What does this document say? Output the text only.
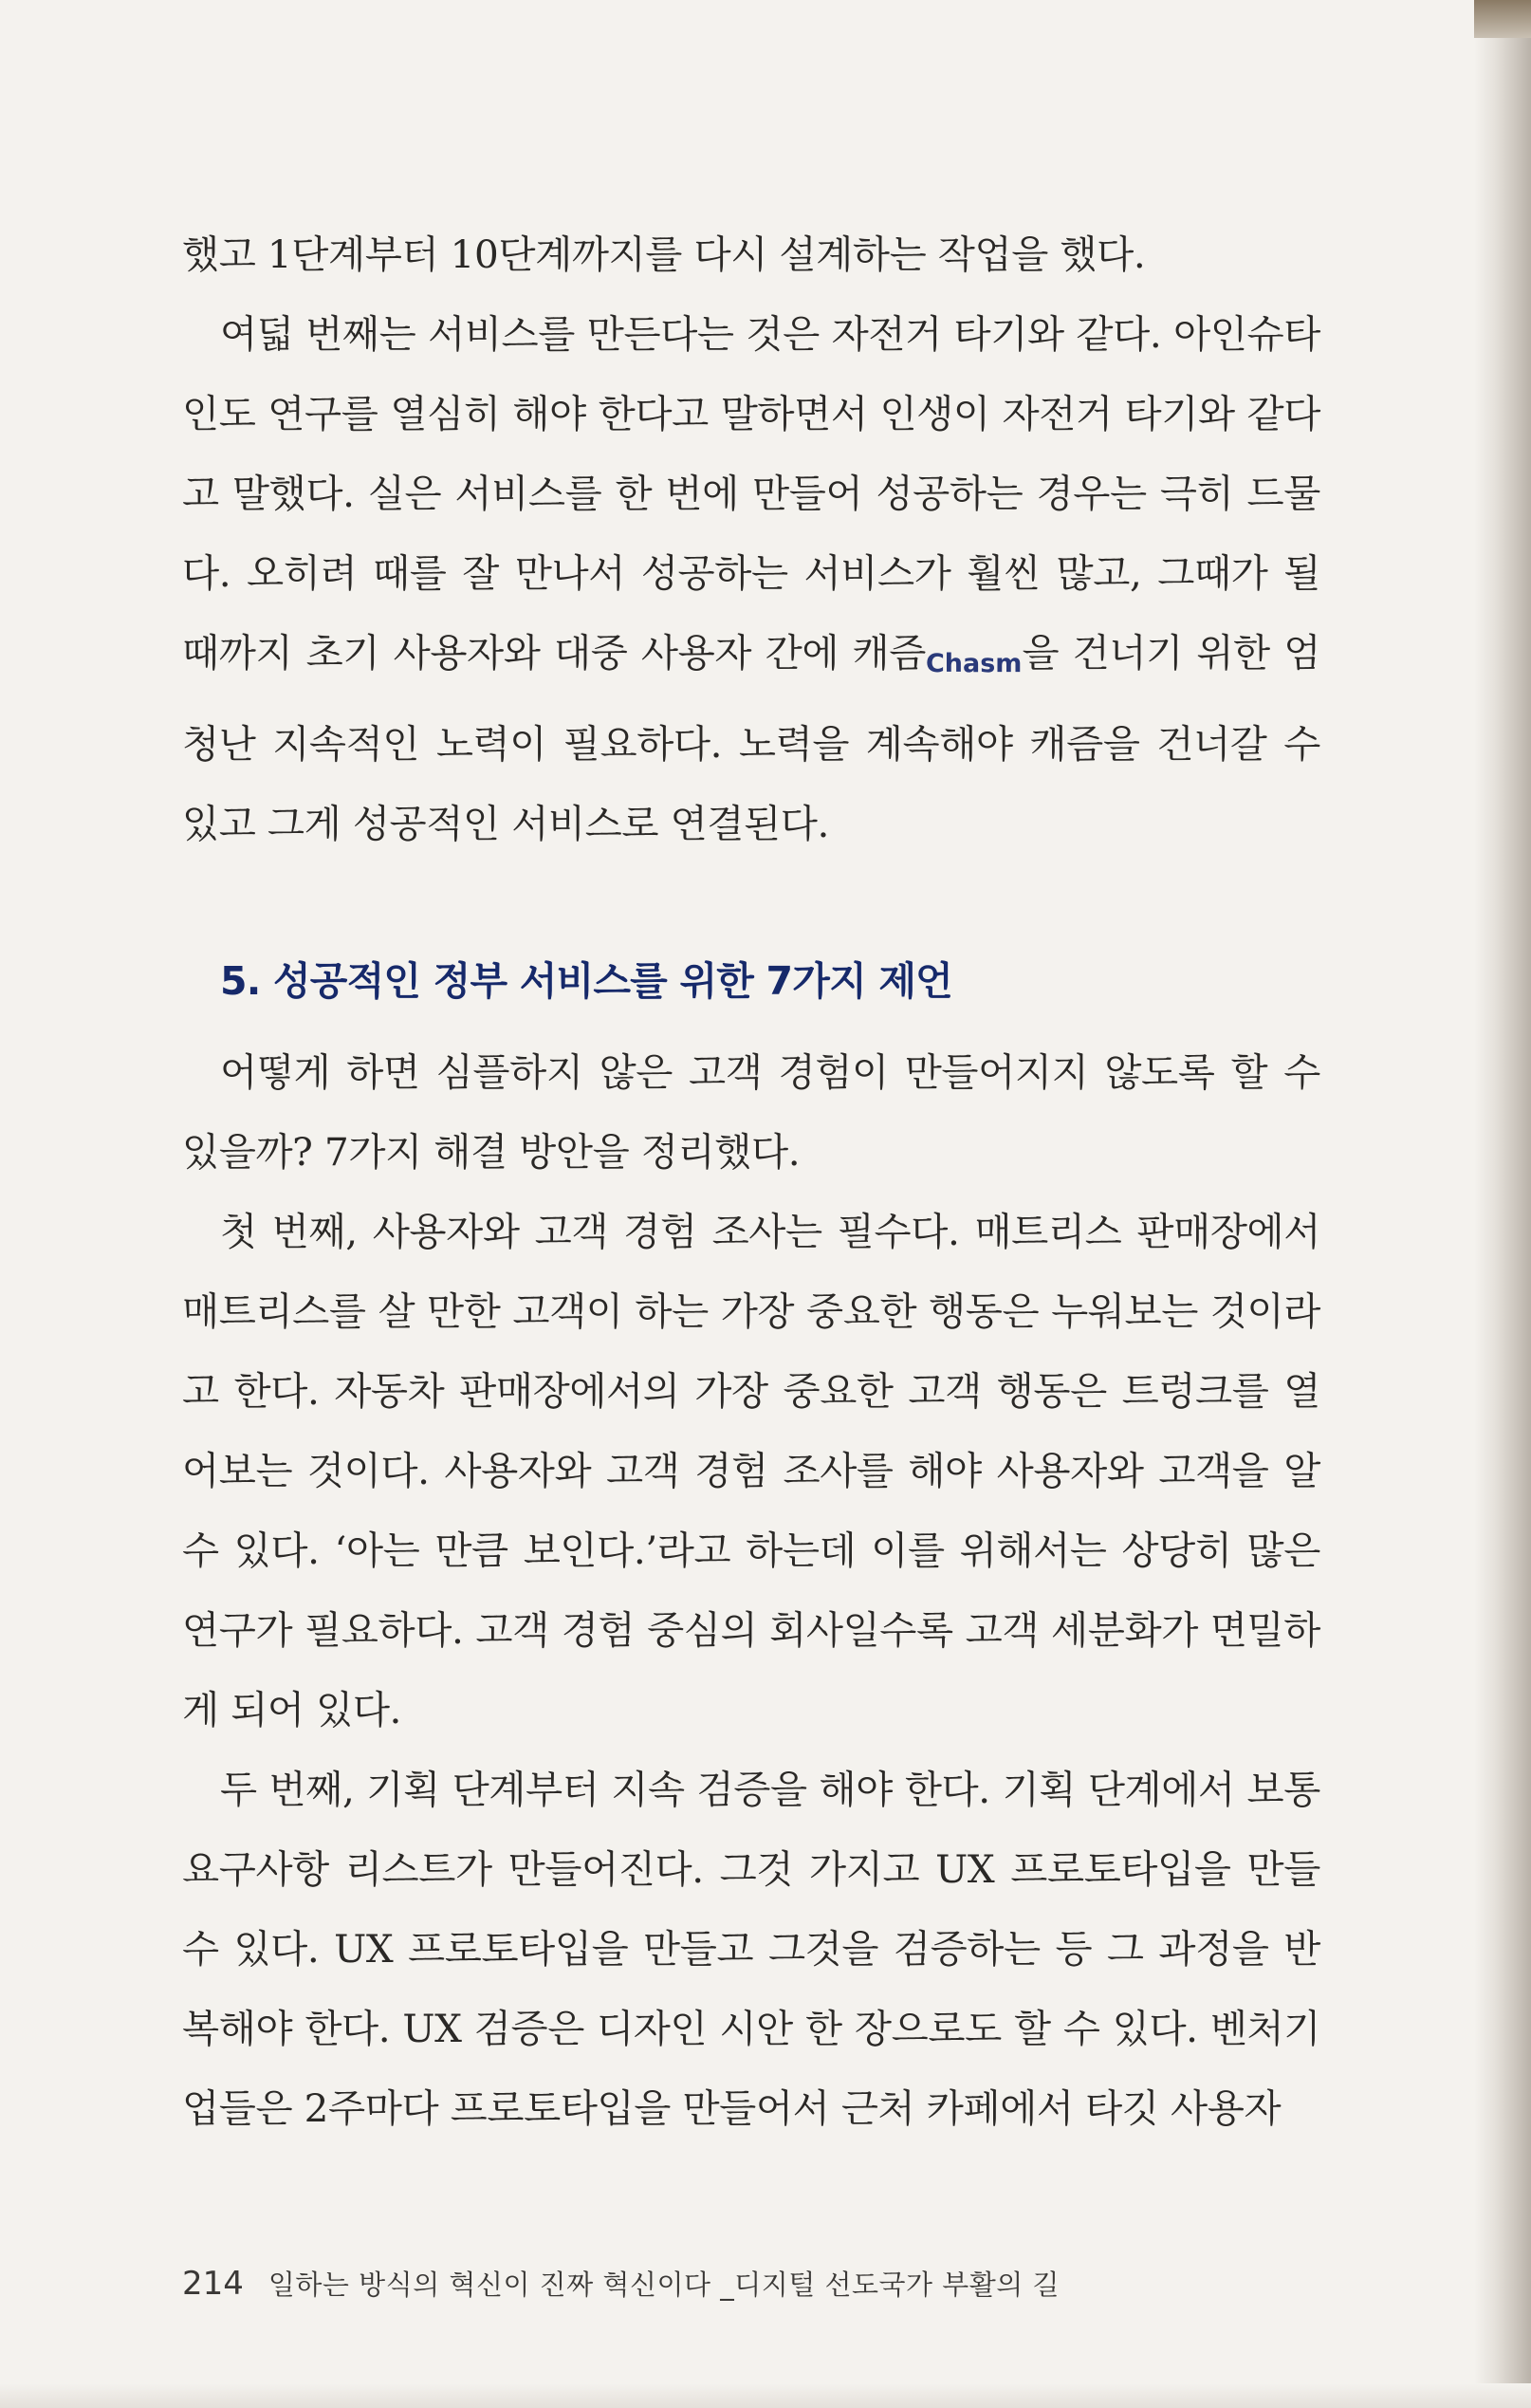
했고 1단계부터 10단계까지를 다시 설계하는 작업을 했다.

여덟 번째는 서비스를 만든다는 것은 자전거 타기와 같다. 아인슈타인도 연구를 열심히 해야 한다고 말하면서 인생이 자전거 타기와 같다고 말했다. 실은 서비스를 한 번에 만들어 성공하는 경우는 극히 드물다. 오히려 때를 잘 만나서 성공하는 서비스가 훨씬 많고, 그때가 될 때까지 초기 사용자와 대중 사용자 간에 캐즘Chasm을 건너기 위한 엄청난 지속적인 노력이 필요하다. 노력을 계속해야 캐즘을 건너갈 수 있고 그게 성공적인 서비스로 연결된다.

5. 성공적인 정부 서비스를 위한 7가지 제언

어떻게 하면 심플하지 않은 고객 경험이 만들어지지 않도록 할 수 있을까? 7가지 해결 방안을 정리했다.

첫 번째, 사용자와 고객 경험 조사는 필수다. 매트리스 판매장에서 매트리스를 살 만한 고객이 하는 가장 중요한 행동은 누워보는 것이라고 한다. 자동차 판매장에서의 가장 중요한 고객 행동은 트렁크를 열어보는 것이다. 사용자와 고객 경험 조사를 해야 사용자와 고객을 알 수 있다. ‘아는 만큼 보인다.’라고 하는데 이를 위해서는 상당히 많은 연구가 필요하다. 고객 경험 중심의 회사일수록 고객 세분화가 면밀하게 되어 있다.

두 번째, 기획 단계부터 지속 검증을 해야 한다. 기획 단계에서 보통 요구사항 리스트가 만들어진다. 그것 가지고 UX 프로토타입을 만들 수 있다. UX 프로토타입을 만들고 그것을 검증하는 등 그 과정을 반복해야 한다. UX 검증은 디자인 시안 한 장으로도 할 수 있다. 벤처기업들은 2주마다 프로토타입을 만들어서 근처 카페에서 타깃 사용자

214 일하는 방식의 혁신이 진짜 혁신이다 _디지털 선도국가 부활의 길
